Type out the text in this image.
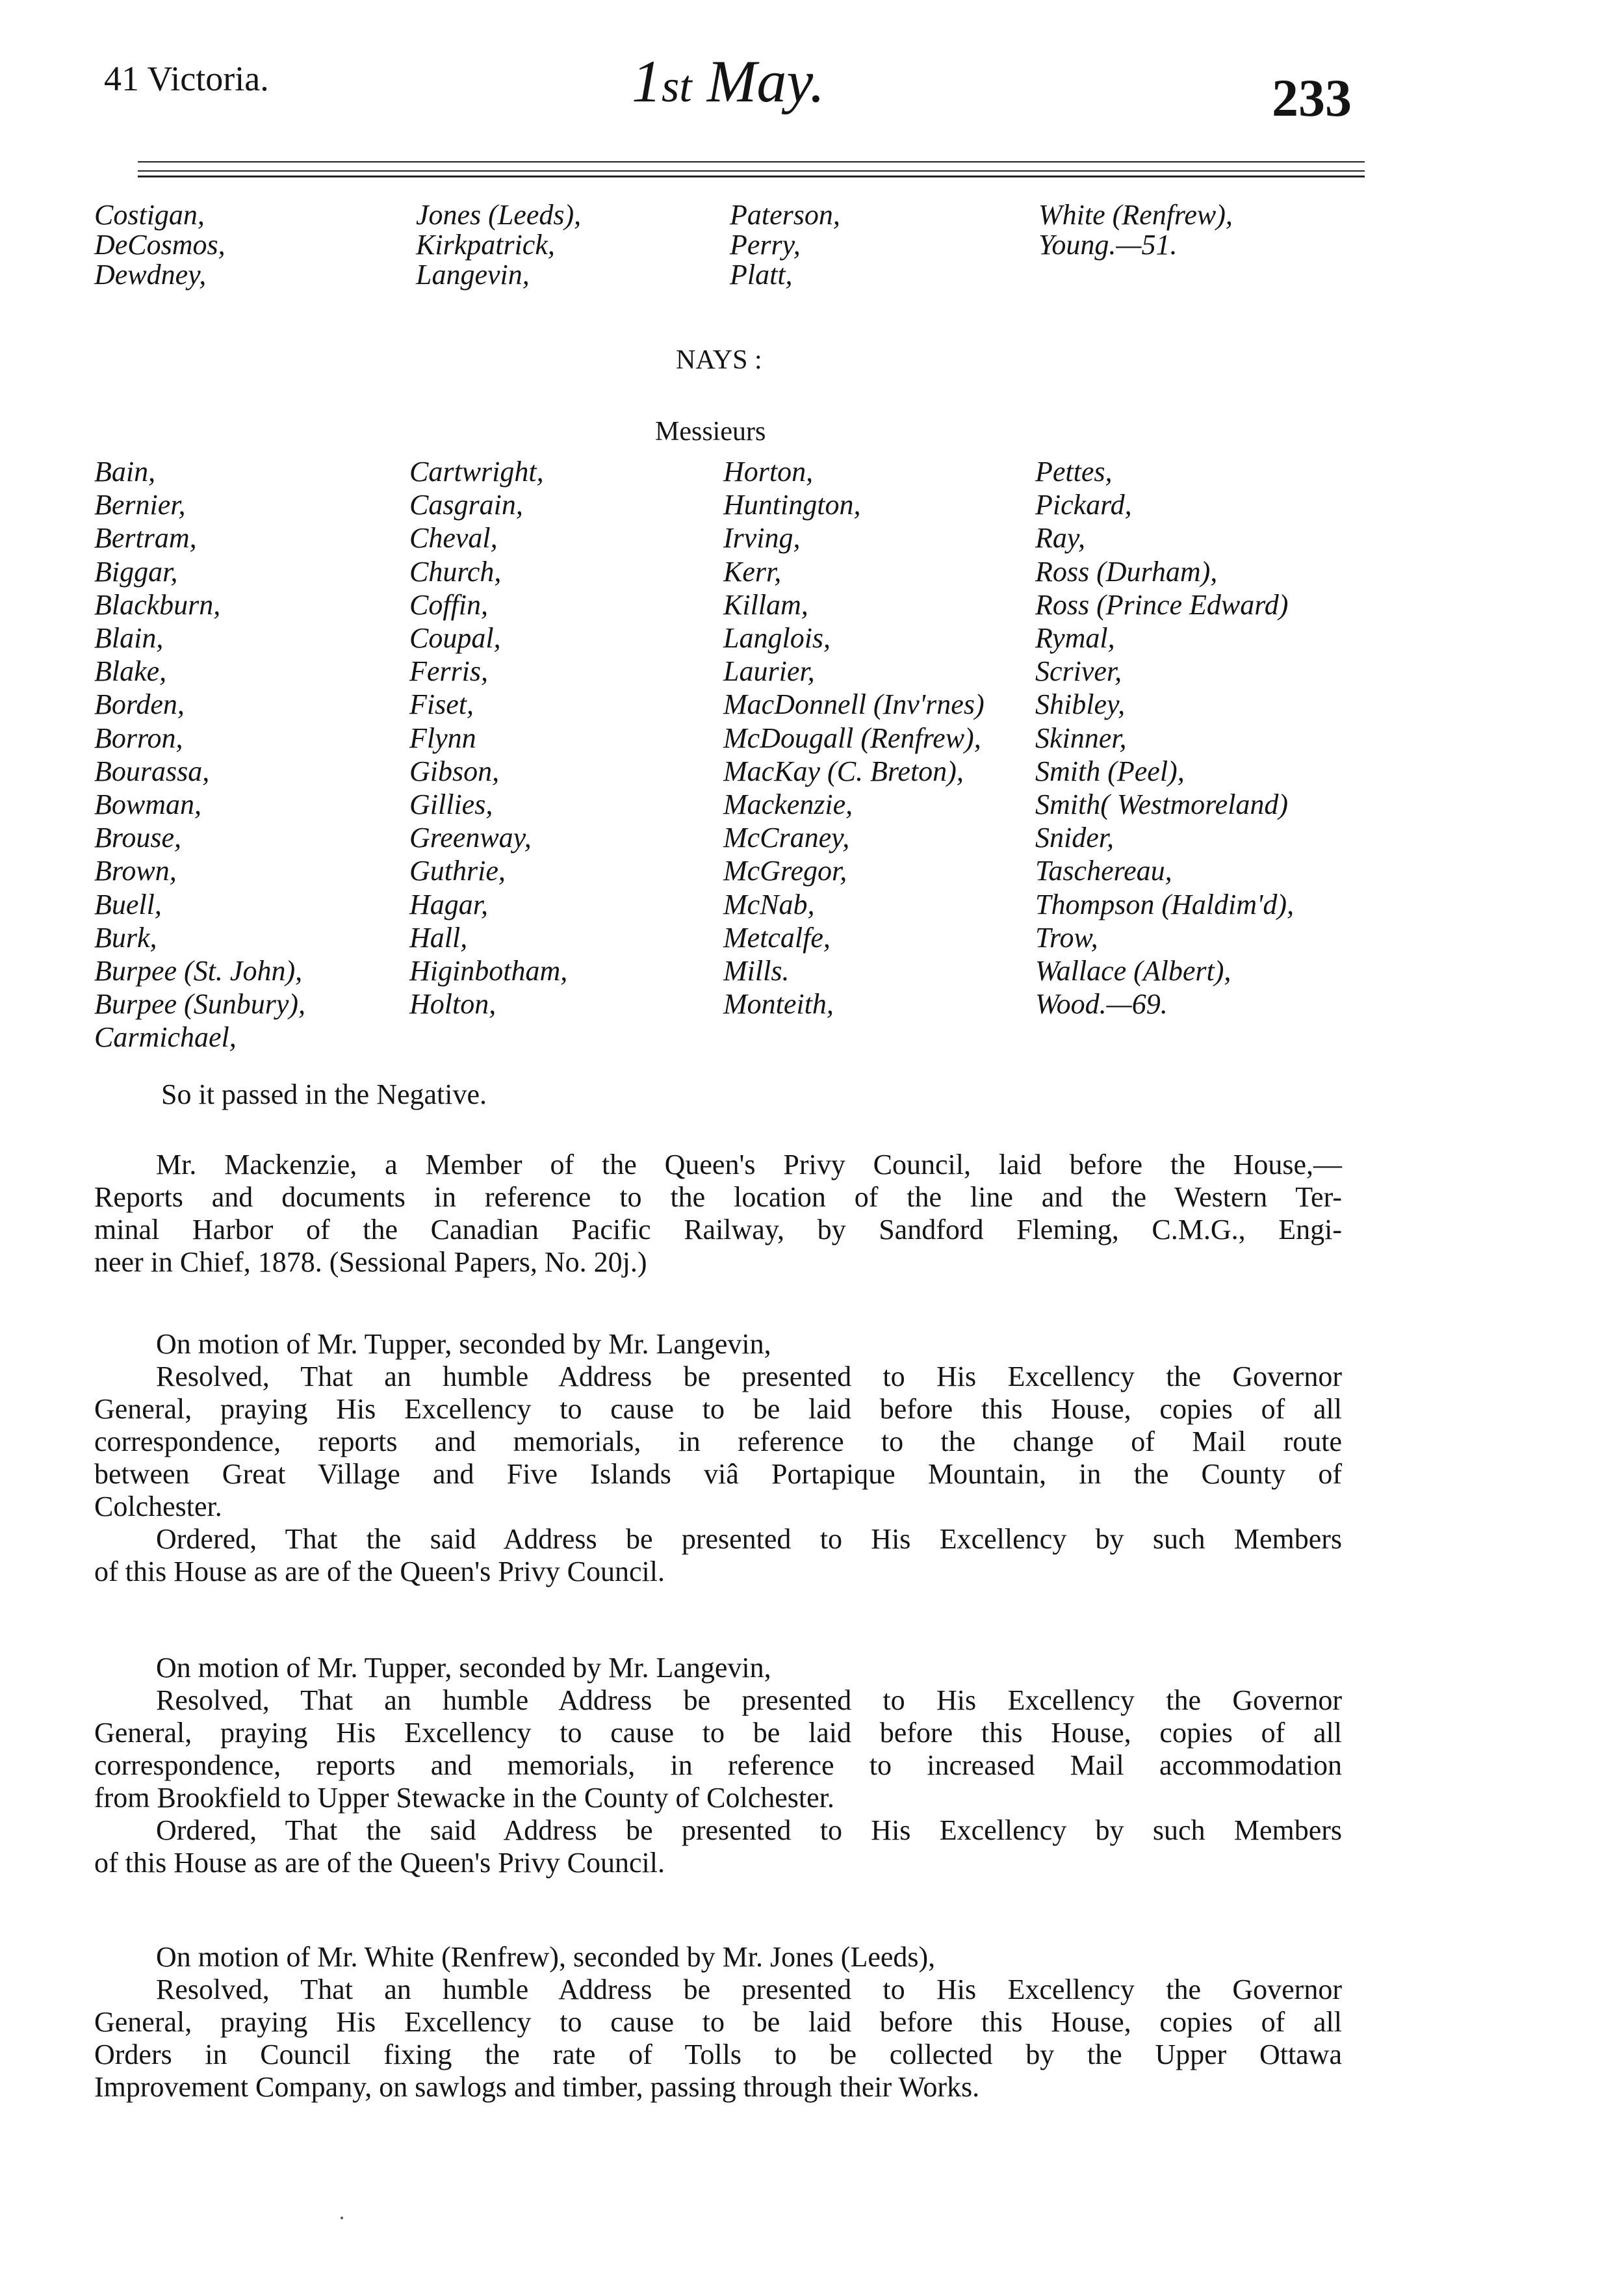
41 Victoria.	1st May.	233
Costigan,
DeCosmos,
Dewdney,
Jones (Leeds),
Kirkpatrick,
Langevin,
Paterson,
Perry,
Platt,
White (Renfrew),
Young.—51.
NAYS :
Messieurs
Bain,
Bernier,
Bertram,
Biggar,
Blackburn,
Blain,
Blake,
Borden,
Borron,
Bourassa,
Bowman,
Brouse,
Brown,
Buell,
Burk,
Burpee (St. John),
Burpee (Sunbury),
Carmichael,
Cartwright,
Casgrain,
Cheval,
Church,
Coffin,
Coupal,
Ferris,
Fiset,
Flynn
Gibson,
Gillies,
Greenway,
Guthrie,
Hagar,
Hall,
Higinbotham,
Holton,
Horton,
Huntington,
Irving,
Kerr,
Killam,
Langlois,
Laurier,
MacDonnell (Inv'rnes)
McDougall (Renfrew),
MacKay (C. Breton),
Mackenzie,
McCraney,
McGregor,
McNab,
Metcalfe,
Mills.
Monteith,
Pettes,
Pickard,
Ray,
Ross (Durham),
Ross (Prince Edward)
Rymal,
Scriver,
Shibley,
Skinner,
Smith (Peel),
Smith( Westmoreland)
Snider,
Taschereau,
Thompson (Haldim'd),
Trow,
Wallace (Albert),
Wood.—69.
So it passed in the Negative.
Mr. Mackenzie, a Member of the Queen's Privy Council, laid before the House,—
Reports and documents in reference to the location of the line and the Western Ter-
minal Harbor of the Canadian Pacific Railway, by Sandford Fleming, C.M.G., Engi-
neer in Chief, 1878. (Sessional Papers, No. 20j.)
On motion of Mr. Tupper, seconded by Mr. Langevin,
Resolved, That an humble Address be presented to His Excellency the Governor
General, praying His Excellency to cause to be laid before this House, copies of all
correspondence, reports and memorials, in reference to the change of Mail route
between Great Village and Five Islands viâ Portapique Mountain, in the County of
Colchester.
Ordered, That the said Address be presented to His Excellency by such Members
of this House as are of the Queen's Privy Council.
On motion of Mr. Tupper, seconded by Mr. Langevin,
Resolved, That an humble Address be presented to His Excellency the Governor
General, praying His Excellency to cause to be laid before this House, copies of all
correspondence, reports and memorials, in reference to increased Mail accommodation
from Brookfield to Upper Stewacke in the County of Colchester.
Ordered, That the said Address be presented to His Excellency by such Members
of this House as are of the Queen's Privy Council.
On motion of Mr. White (Renfrew), seconded by Mr. Jones (Leeds),
Resolved, That an humble Address be presented to His Excellency the Governor
General, praying His Excellency to cause to be laid before this House, copies of all
Orders in Council fixing the rate of Tolls to be collected by the Upper Ottawa
Improvement Company, on sawlogs and timber, passing through their Works.
